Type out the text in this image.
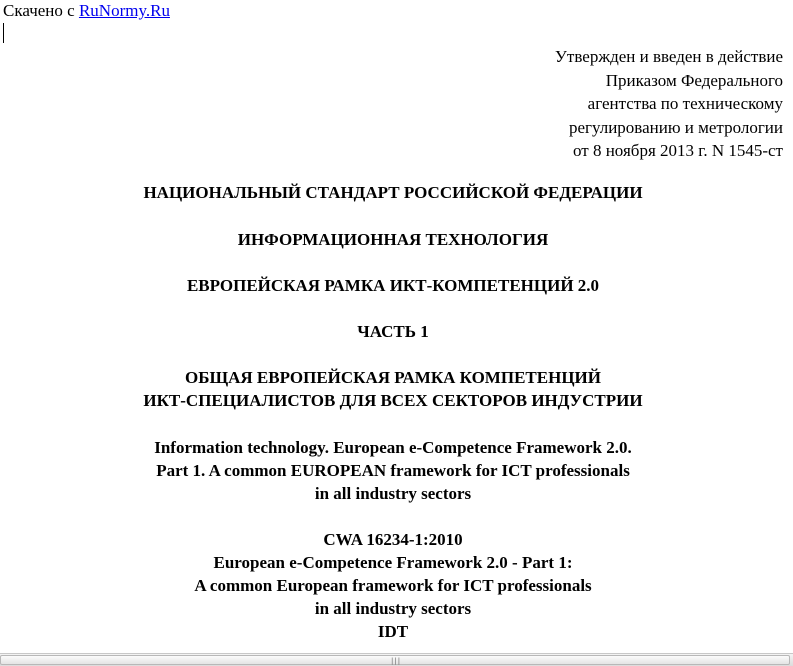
Скачено с RuNormy.Ru
Утвержден и введен в действие
Приказом Федерального
агентства по техническому
регулированию и метрологии
от 8 ноября 2013 г. N 1545-ст
НАЦИОНАЛЬНЫЙ СТАНДАРТ РОССИЙСКОЙ ФЕДЕРАЦИИ
ИНФОРМАЦИОННАЯ ТЕХНОЛОГИЯ
ЕВРОПЕЙСКАЯ РАМКА ИКТ-КОМПЕТЕНЦИЙ 2.0
ЧАСТЬ 1
ОБЩАЯ ЕВРОПЕЙСКАЯ РАМКА КОМПЕТЕНЦИЙ
ИКТ-СПЕЦИАЛИСТОВ ДЛЯ ВСЕХ СЕКТОРОВ ИНДУСТРИИ
Information technology. European e-Competence Framework 2.0.
Part 1. A common EUROPEAN framework for ICT professionals
in all industry sectors
CWA 16234-1:2010
European e-Competence Framework 2.0 - Part 1:
A common European framework for ICT professionals
in all industry sectors
IDT
|||
